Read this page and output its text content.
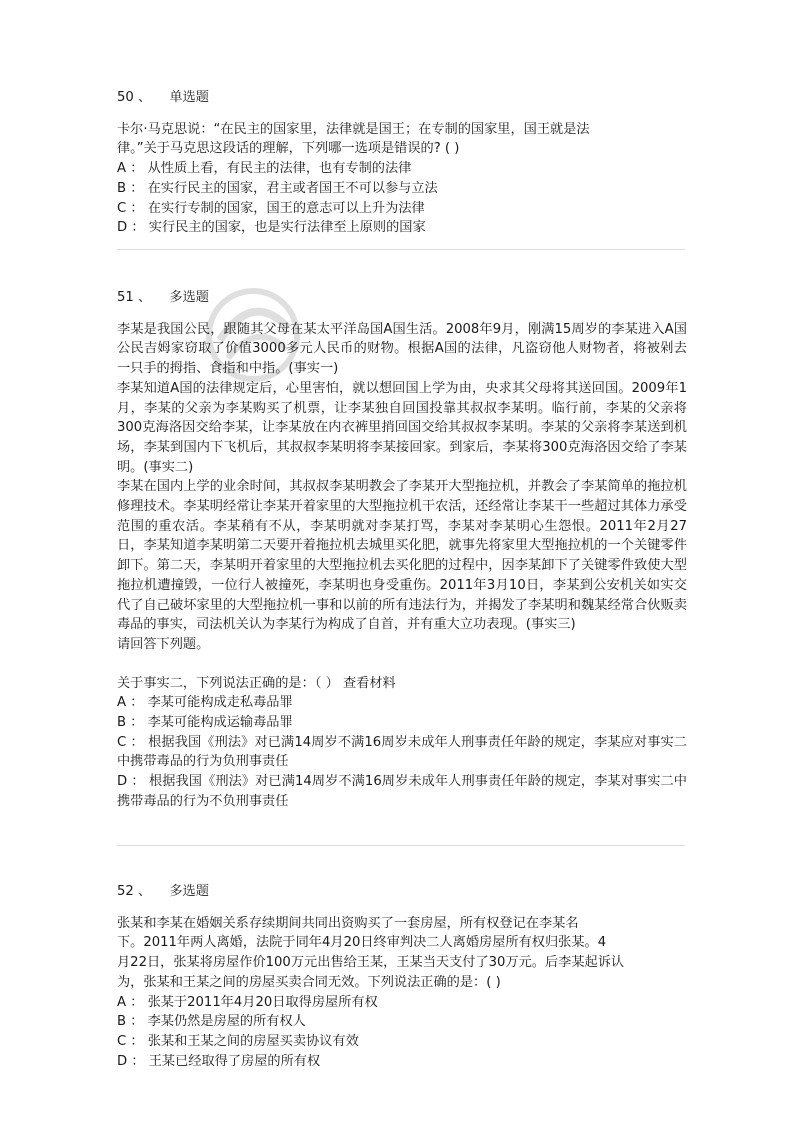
50 、 单选题

卡尔·马克思说：“在民主的国家里，法律就是国王；在专制的国家里，国王就是法

律。”关于马克思这段话的理解，下列哪一选项是错误的? ( )

A ： 从性质上看，有民主的法律，也有专制的法律

B ： 在实行民主的国家，君主或者国王不可以参与立法

C ： 在实行专制的国家，国王的意志可以上升为法律

D ： 实行民主的国家，也是实行法律至上原则的国家

51 、 多选题

李某是我国公民，跟随其父母在某太平洋岛国A国生活。2008年9月，刚满15周岁的李某进入A国公民吉姆家窃取了价值3000多元人民币的财物。根据A国的法律，凡盗窃他人财物者，将被剁去一只手的拇指、食指和中指。(事实一)

李某知道A国的法律规定后，心里害怕，就以想回国上学为由，央求其父母将其送回国。2009年1月，李某的父亲为李某购买了机票，让李某独自回国投靠其叔叔李某明。临行前，李某的父亲将300克海洛因交给李某，让李某放在内衣裤里捎回国交给其叔叔李某明。李某的父亲将李某送到机场，李某到国内下飞机后，其叔叔李某明将李某接回家。到家后，李某将300克海洛因交给了李某明。(事实二)

李某在国内上学的业余时间，其叔叔李某明教会了李某开大型拖拉机，并教会了李某简单的拖拉机修理技术。李某明经常让李某开着家里的大型拖拉机干农活，还经常让李某干一些超过其体力承受范围的重农活。李某稍有不从，李某明就对李某打骂，李某对李某明心生怨恨。2011年2月27日，李某知道李某明第二天要开着拖拉机去城里买化肥，就事先将家里大型拖拉机的一个关键零件卸下。第二天，李某明开着家里的大型拖拉机去买化肥的过程中，因李某卸下了关键零件致使大型拖拉机遭撞毁，一位行人被撞死，李某明也身受重伤。2011年3月10日，李某到公安机关如实交代了自己破坏家里的大型拖拉机一事和以前的所有违法行为，并揭发了李某明和魏某经常合伙贩卖毒品的事实，司法机关认为李某行为构成了自首，并有重大立功表现。(事实三)

请回答下列题。

关于事实二，下列说法正确的是：（ ） 查看材料

A ： 李某可能构成走私毒品罪

B ： 李某可能构成运输毒品罪

C ： 根据我国《刑法》对已满14周岁不满16周岁未成年人刑事责任年龄的规定，李某应对事实二中携带毒品的行为负刑事责任

D ： 根据我国《刑法》对已满14周岁不满16周岁未成年人刑事责任年龄的规定，李某对事实二中携带毒品的行为不负刑事责任

52 、 多选题

张某和李某在婚姻关系存续期间共同出资购买了一套房屋，所有权登记在李某名

下。2011年两人离婚，法院于同年4月20日终审判决二人离婚房屋所有权归张某。4

月22日，张某将房屋作价100万元出售给王某，王某当天支付了30万元。后李某起诉认

为，张某和王某之间的房屋买卖合同无效。下列说法正确的是：( )

A ： 张某于2011年4月20日取得房屋所有权

B ： 李某仍然是房屋的所有权人

C ： 张某和王某之间的房屋买卖协议有效

D ： 王某已经取得了房屋的所有权
